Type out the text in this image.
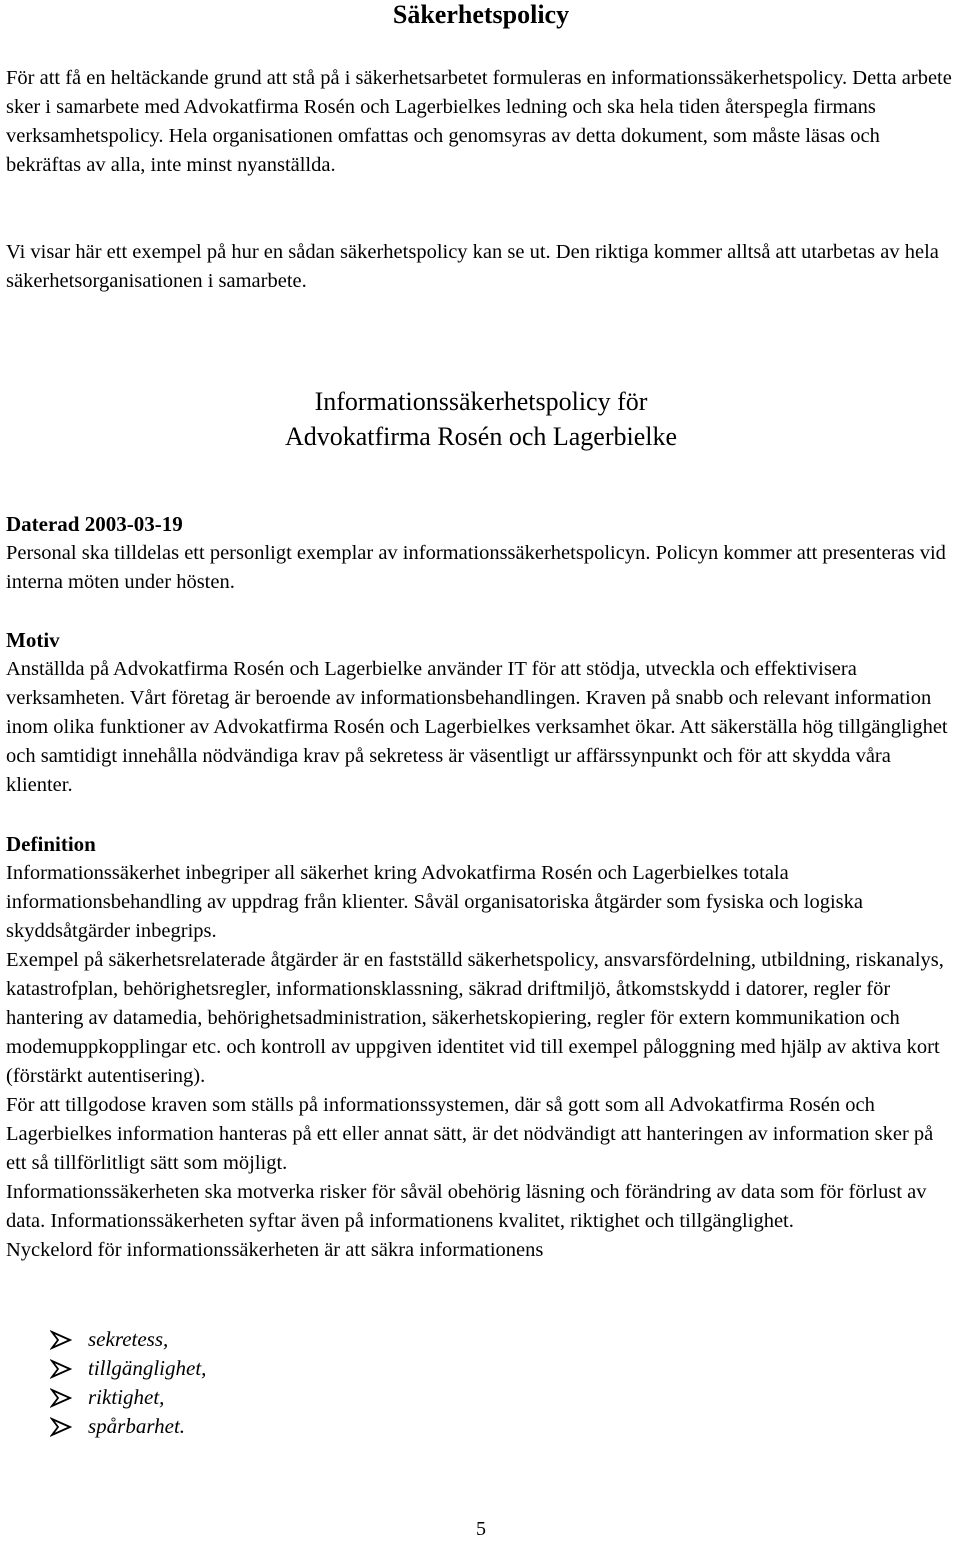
Säkerhetspolicy

För att få en heltäckande grund att stå på i säkerhetsarbetet formuleras en informationssäkerhetspolicy. Detta arbete sker i samarbete med Advokatfirma Rosén och Lagerbielkes ledning och ska hela tiden återspegla firmans verksamhetspolicy. Hela organisationen omfattas och genomsyras av detta dokument, som måste läsas och bekräftas av alla, inte minst nyanställda.

Vi visar här ett exempel på hur en sådan säkerhetspolicy kan se ut. Den riktiga kommer alltså att utarbetas av hela säkerhetsorganisationen i samarbete.

Informationssäkerhetspolicy för
Advokatfirma Rosén och Lagerbielke
Daterad 2003-03-19

Personal ska tilldelas ett personligt exemplar av informationssäkerhetspolicyn. Policyn kommer att presenteras vid interna möten under hösten.

Motiv

Anställda på Advokatfirma Rosén och Lagerbielke använder IT för att stödja, utveckla och effektivisera verksamheten. Vårt företag är beroende av informationsbehandlingen. Kraven på snabb och relevant information inom olika funktioner av Advokatfirma Rosén och Lagerbielkes verksamhet ökar. Att säkerställa hög tillgänglighet och samtidigt innehålla nödvändiga krav på sekretess är väsentligt ur affärssynpunkt och för att skydda våra klienter.

Definition
Informationssäkerhet inbegriper all säkerhet kring Advokatfirma Rosén och Lagerbielkes totala informationsbehandling av uppdrag från klienter. Såväl organisatoriska åtgärder som fysiska och logiska skyddsåtgärder inbegrips.
Exempel på säkerhetsrelaterade åtgärder är en fastställd säkerhetspolicy, ansvarsfördelning, utbildning, riskanalys, katastrofplan, behörighetsregler, informationsklassning, säkrad driftmiljö, åtkomstskydd i datorer, regler för hantering av datamedia, behörighetsadministration, säkerhetskopiering, regler för extern kommunikation och modemuppkopplingar etc. och kontroll av uppgiven identitet vid till exempel påloggning med hjälp av aktiva kort (förstärkt autentisering).
För att tillgodose kraven som ställs på informationssystemen, där så gott som all Advokatfirma Rosén och Lagerbielkes information hanteras på ett eller annat sätt, är det nödvändigt att hanteringen av information sker på ett så tillförlitligt sätt som möjligt.
Informationssäkerheten ska motverka risker för såväl obehörig läsning och förändring av data som för förlust av data. Informationssäkerheten syftar även på informationens kvalitet, riktighet och tillgänglighet.
Nyckelord för informationssäkerheten är att säkra informationens
sekretess,
tillgänglighet,
riktighet,
spårbarhet.
5
